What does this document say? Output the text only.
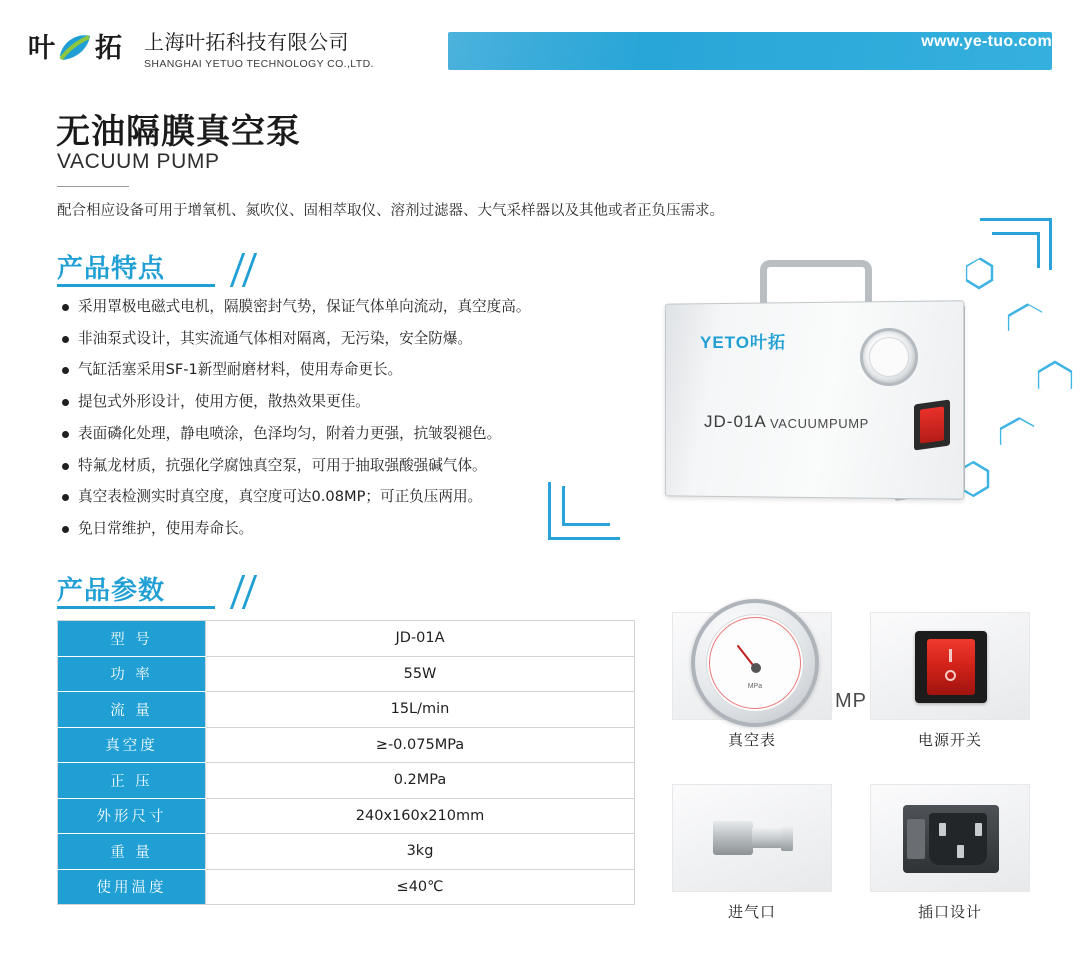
叶 拓 上海叶拓科技有限公司
SHANGHAI YETUO TECHNOLOGY CO.,LTD.
www.ye-tuo.com
无油隔膜真空泵
VACUUM PUMP
配合相应设备可用于增氧机、氮吹仪、固相萃取仪、溶剂过滤器、大气采样器以及其他或者正负压需求。
产品特点
采用罩极电磁式电机，隔膜密封气势，保证气体单向流动，真空度高。
非油泵式设计，其实流通气体相对隔离，无污染，安全防爆。
气缸活塞采用SF-1新型耐磨材料，使用寿命更长。
提包式外形设计，使用方便，散热效果更佳。
表面磷化处理，静电喷涂，色泽均匀，附着力更强，抗皱裂褪色。
特氟龙材质，抗强化学腐蚀真空泵，可用于抽取强酸强碱气体。
真空表检测实时真空度，真空度可达0.08MP；可正负压两用。
免日常维护，使用寿命长。
YETO叶拓
JD-01A VACUUMPUMP
产品参数
型 号	JD-01A
功 率	55W
流 量	15L/min
真空度	≥-0.075MPa
正 压	0.2MPa
外形尺寸	240x160x210mm
重 量	3kg
使用温度	≤40℃
MPa
MP
真空表	电源开关
进气口	插口设计
